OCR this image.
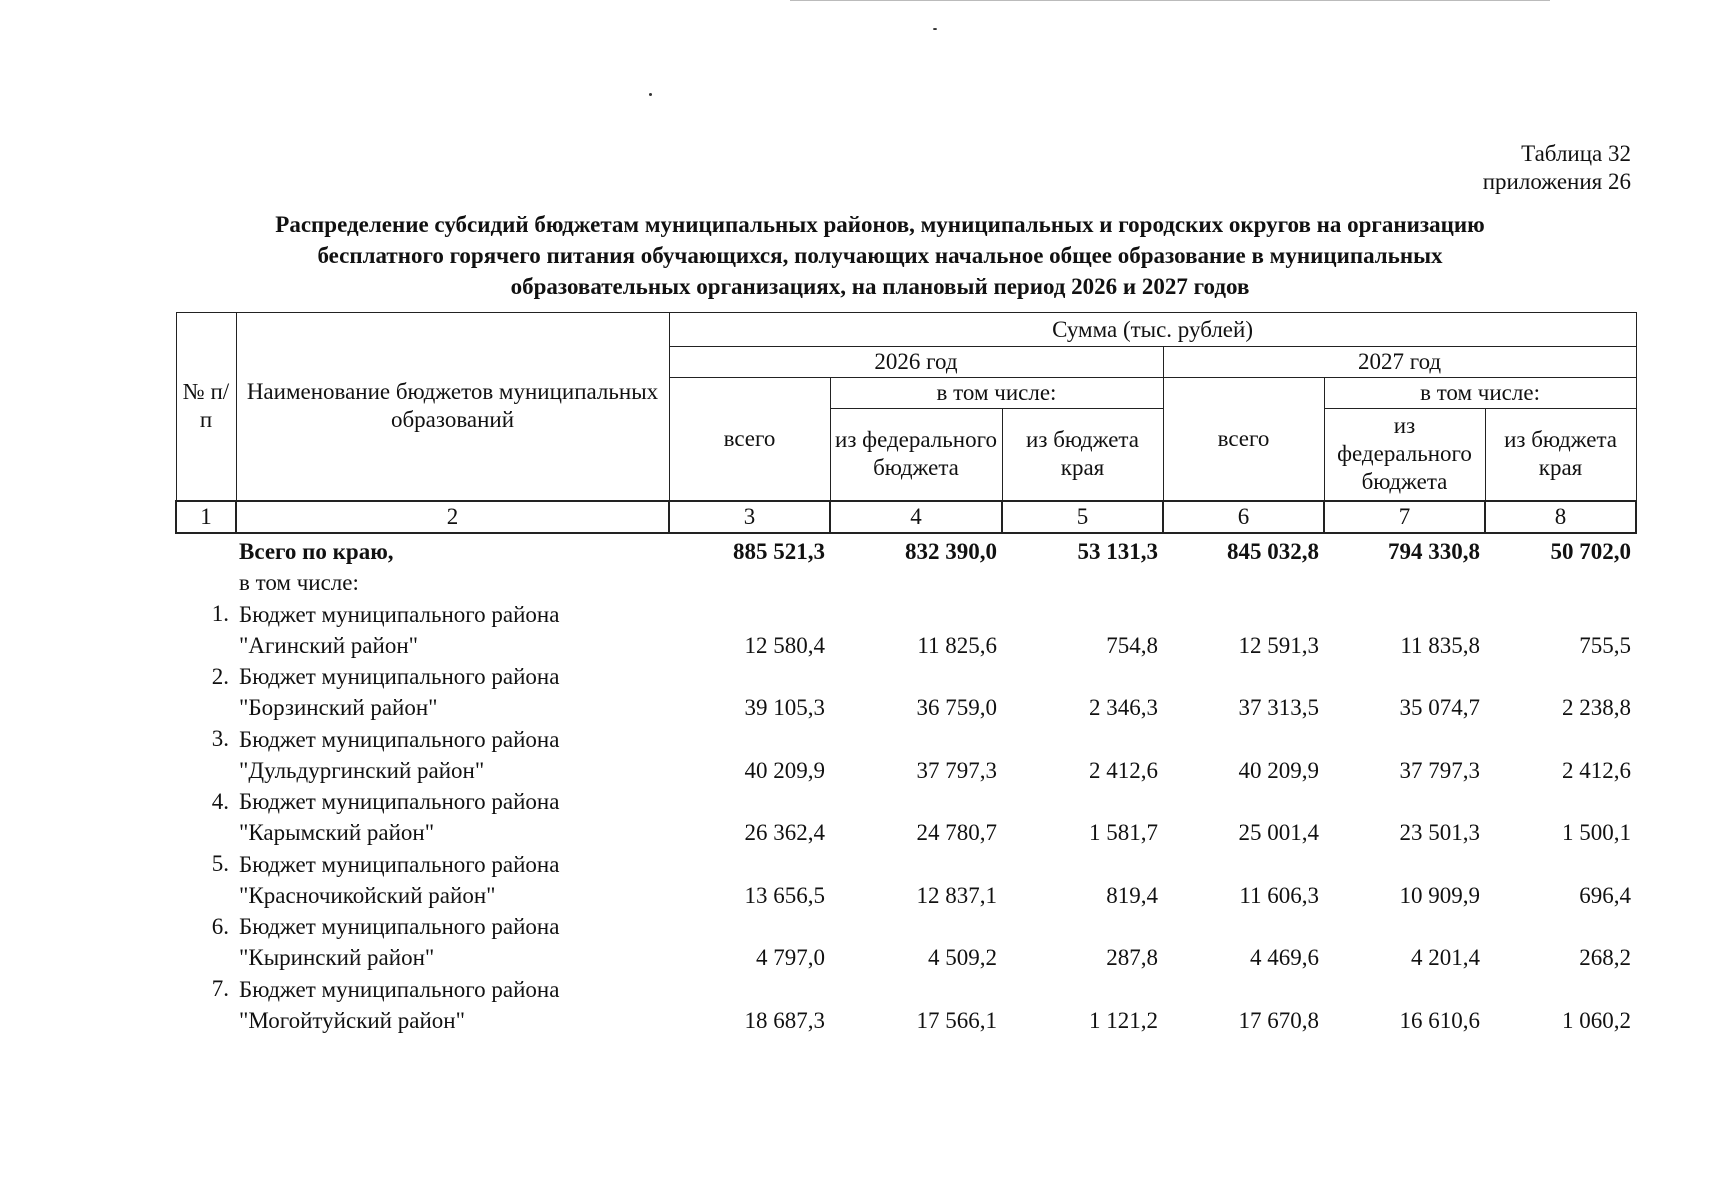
Таблица 32
приложения 26
Распределение субсидий бюджетам муниципальных районов, муниципальных и городских округов на организацию
бесплатного горячего питания обучающихся, получающих начальное общее образование в муниципальных
образовательных организациях, на плановый период 2026 и 2027 годов
№ п/п	Наименование бюджетов муниципальных образований	Сумма (тыс. рублей)					
		2026 год			2027 год		
		всего	в том числе:		всего	в том числе:	
			из федерального бюджета	из бюджета края		из федерального бюджета	из бюджета края
1	2	3	4	5	6	7	8

	Всего по краю,
в том числе:	885 521,3	832 390,0	53 131,3	845 032,8	794 330,8	50 702,0
1.	Бюджет муниципального района
"Агинский район"	12 580,4	11 825,6	754,8	12 591,3	11 835,8	755,5
2.	Бюджет муниципального района
"Борзинский район"	39 105,3	36 759,0	2 346,3	37 313,5	35 074,7	2 238,8
3.	Бюджет муниципального района
"Дульдургинский район"	40 209,9	37 797,3	2 412,6	40 209,9	37 797,3	2 412,6
4.	Бюджет муниципального района
"Карымский район"	26 362,4	24 780,7	1 581,7	25 001,4	23 501,3	1 500,1
5.	Бюджет муниципального района
"Красночикойский район"	13 656,5	12 837,1	819,4	11 606,3	10 909,9	696,4
6.	Бюджет муниципального района
"Кыринский район"	4 797,0	4 509,2	287,8	4 469,6	4 201,4	268,2
7.	Бюджет муниципального района
"Могойтуйский район"	18 687,3	17 566,1	1 121,2	17 670,8	16 610,6	1 060,2
